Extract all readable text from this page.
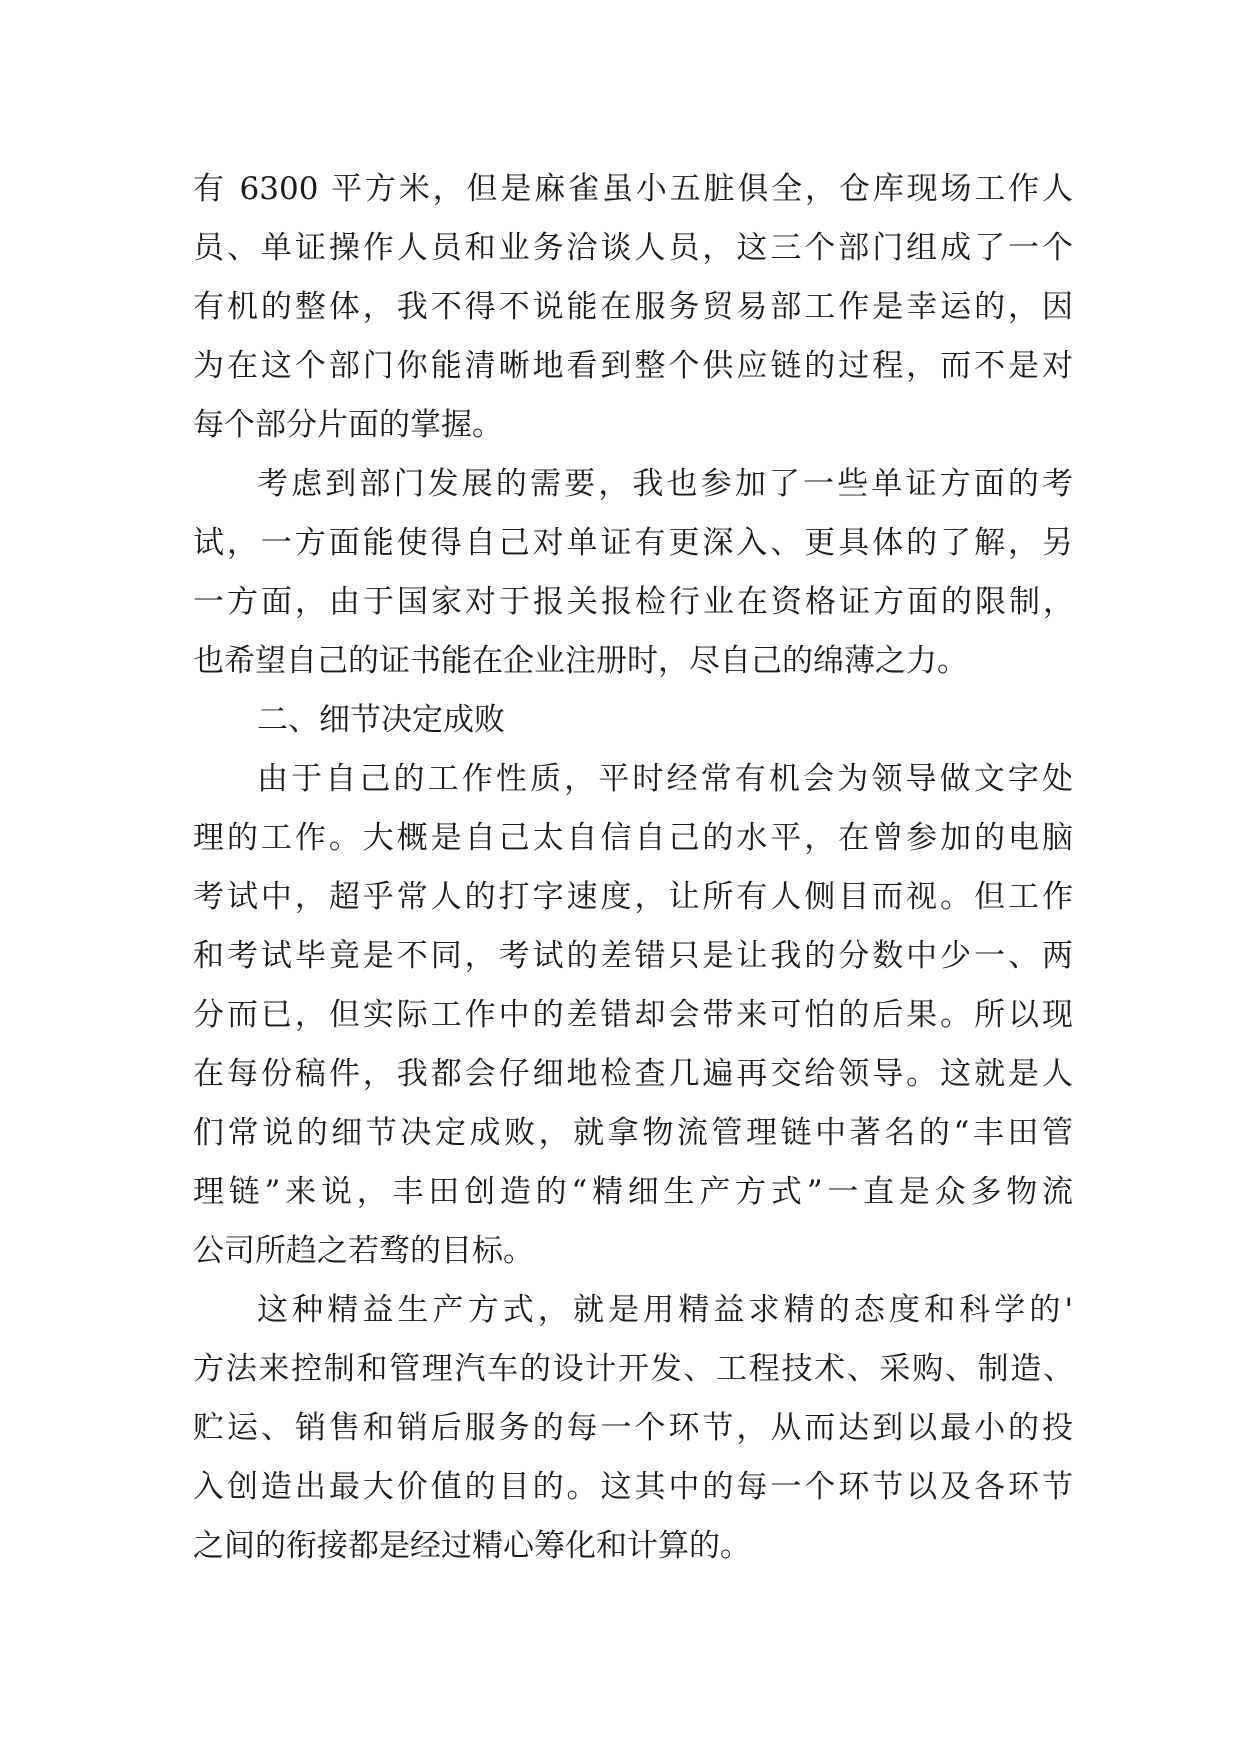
有 6300 平方米，但是麻雀虽小五脏俱全，仓库现场工作人
员、单证操作人员和业务洽谈人员，这三个部门组成了一个
有机的整体，我不得不说能在服务贸易部工作是幸运的，因
为在这个部门你能清晰地看到整个供应链的过程，而不是对
每个部分片面的掌握。
考虑到部门发展的需要，我也参加了一些单证方面的考
试，一方面能使得自己对单证有更深入、更具体的了解，另
一方面，由于国家对于报关报检行业在资格证方面的限制，
也希望自己的证书能在企业注册时，尽自己的绵薄之力。
二、细节决定成败
由于自己的工作性质，平时经常有机会为领导做文字处
理的工作。大概是自己太自信自己的水平，在曾参加的电脑
考试中，超乎常人的打字速度，让所有人侧目而视。但工作
和考试毕竟是不同，考试的差错只是让我的分数中少一、两
分而已，但实际工作中的差错却会带来可怕的后果。所以现
在每份稿件，我都会仔细地检查几遍再交给领导。这就是人
们常说的细节决定成败，就拿物流管理链中著名的“丰田管
理链”来说，丰田创造的“精细生产方式”一直是众多物流
公司所趋之若骛的目标。
这种精益生产方式，就是用精益求精的态度和科学的'
方法来控制和管理汽车的设计开发、工程技术、采购、制造、
贮运、销售和销后服务的每一个环节，从而达到以最小的投
入创造出最大价值的目的。这其中的每一个环节以及各环节
之间的衔接都是经过精心筹化和计算的。
